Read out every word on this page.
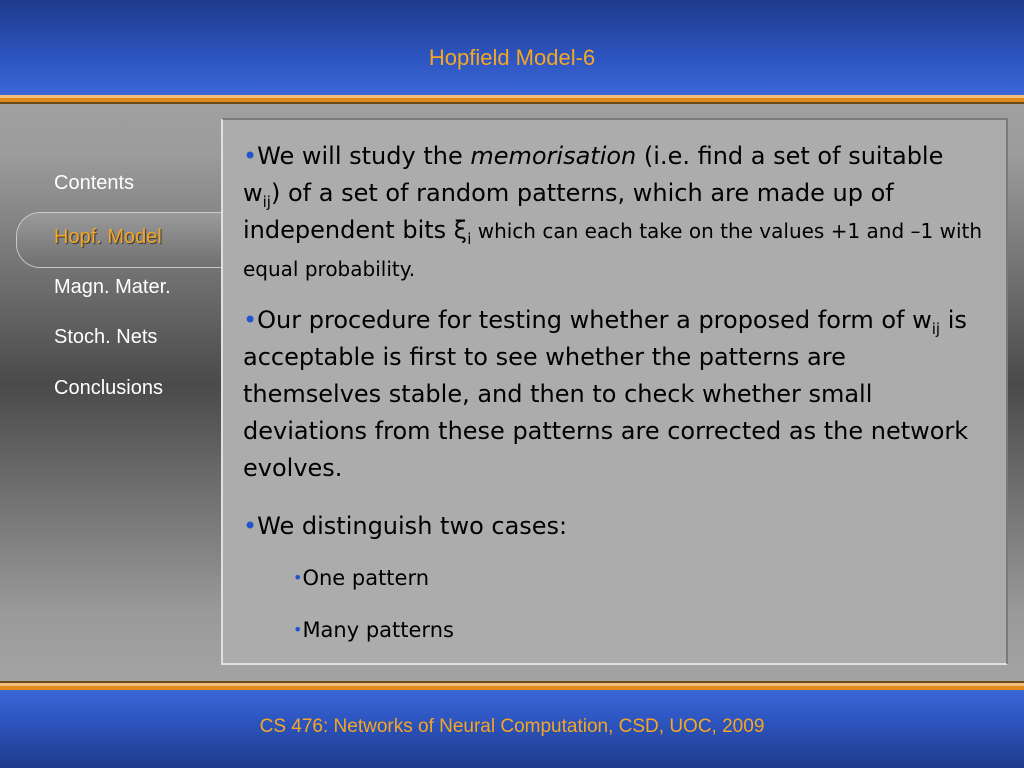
Hopfield Model-6
Contents
Hopf. Model
Magn. Mater.
Stoch. Nets
Conclusions
•We will study the memorisation (i.e. find a set of suitable $w_{ij}$) of a set of random patterns, which are made up of independent bits $\xi_i$ which can each take on the values +1 and –1 with equal probability.
•Our procedure for testing whether a proposed form of $w_{ij}$ is acceptable is first to see whether the patterns are themselves stable, and then to check whether small deviations from these patterns are corrected as the network evolves.
•We distinguish two cases:
•One pattern
•Many patterns
CS 476: Networks of Neural Computation, CSD, UOC, 2009
